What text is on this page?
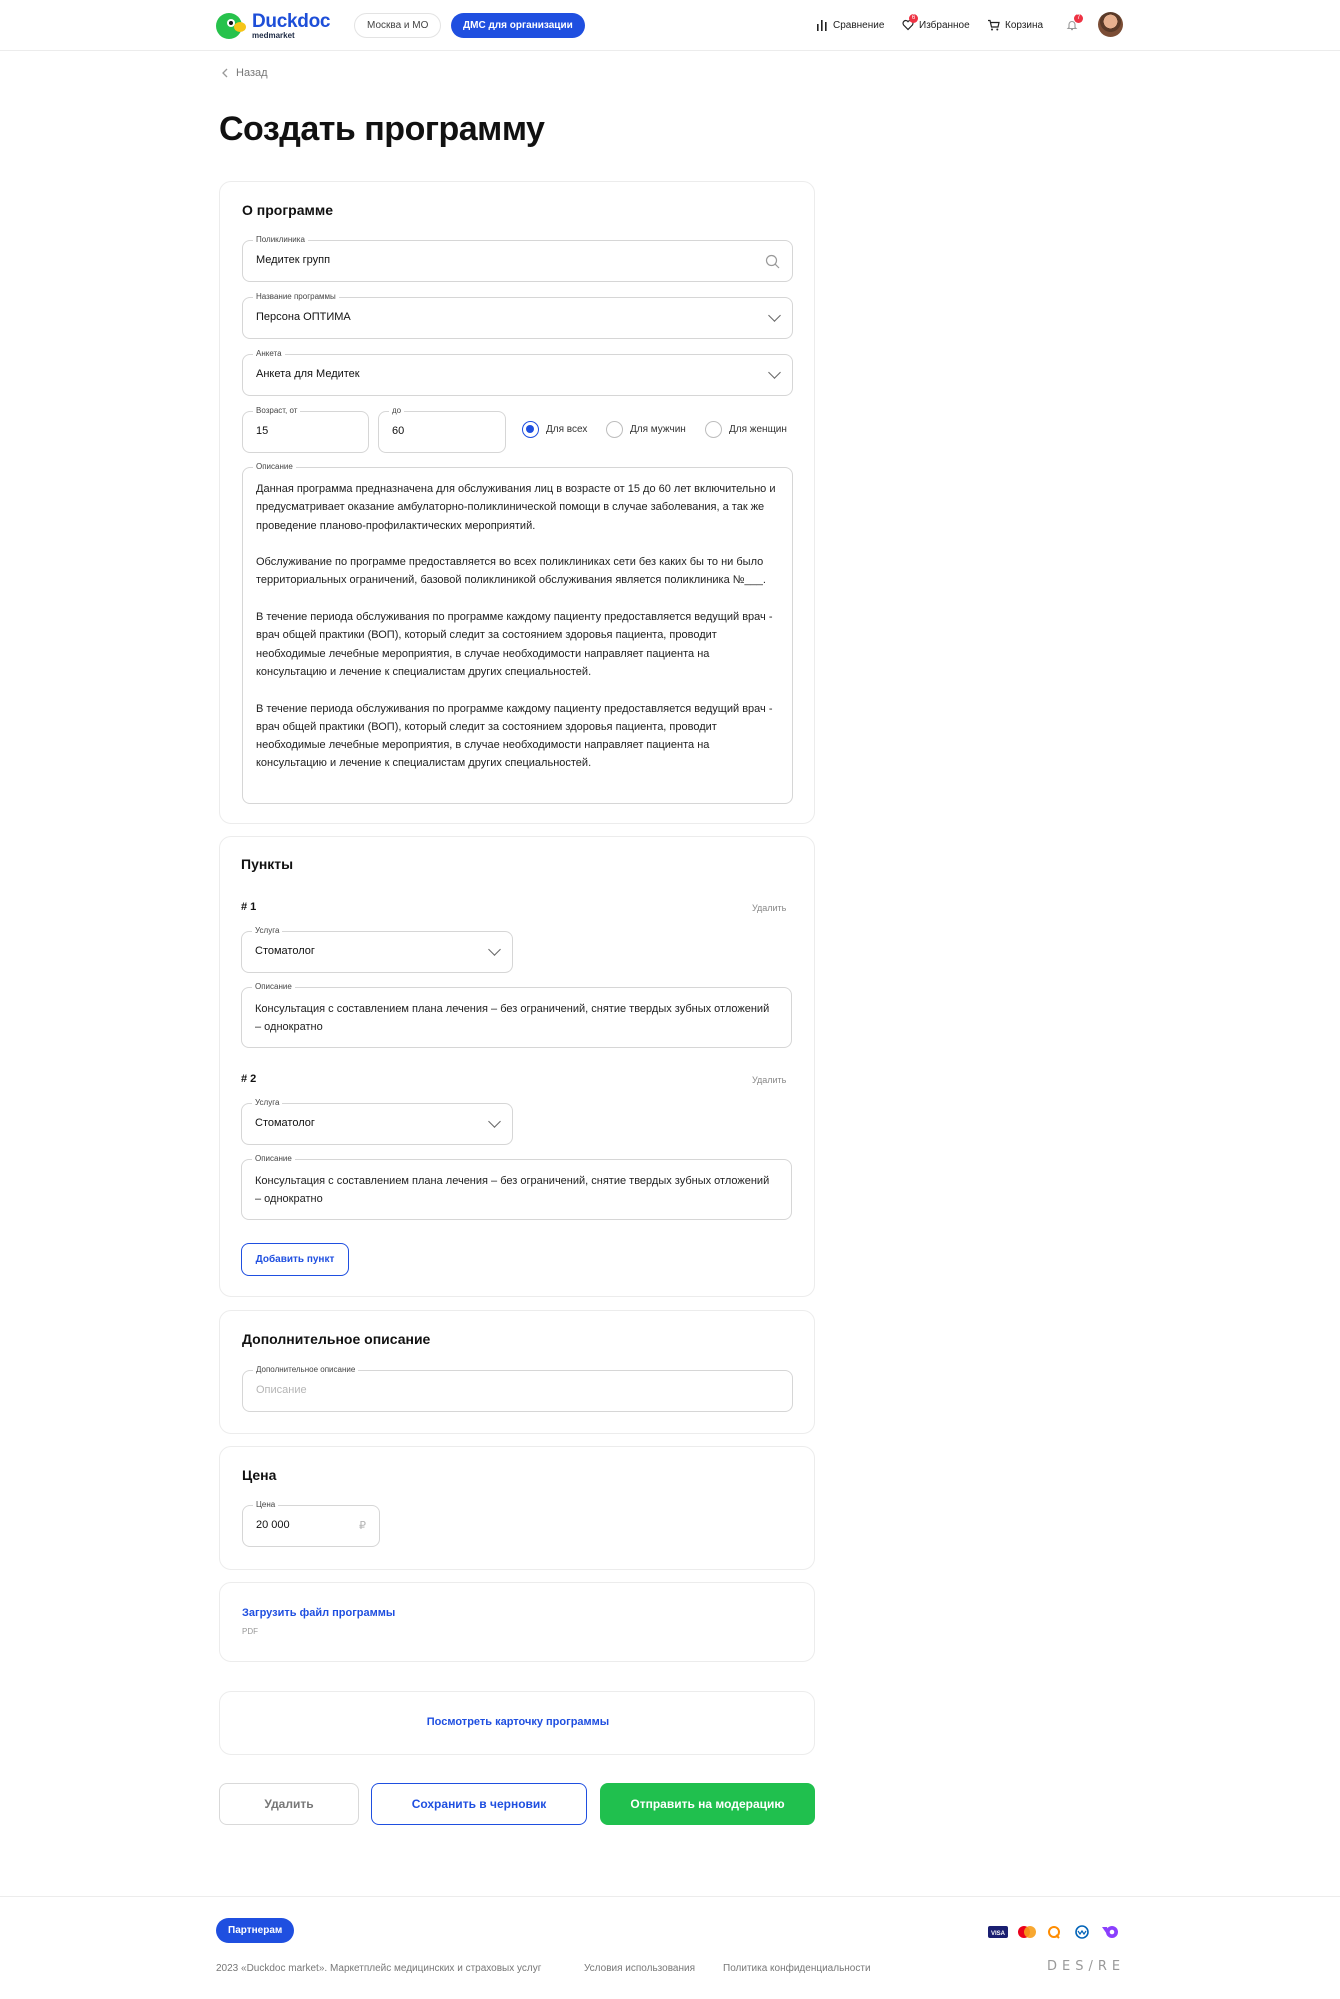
Duckdoc
medmarket
Москва и МО	ДМС для организации	Сравнение	Избранное
6
Корзина
7
Назад
Создать программу
О программе
Поликлиника
Медитек групп
Название программы
Персона ОПТИМА
Анкета
Анкета для Медитек
Возраст, от
15
до
60
Описание

Данная программа предназначена для обслуживания лиц в возрасте от 15 до 60 лет включительно и предусматривает оказание амбулаторно-поликлинической помощи в случае заболевания, а так же проведение планово-профилактических мероприятий.

Обслуживание по программе предоставляется во всех поликлиниках сети без каких бы то ни было территориальных ограничений, базовой поликлиникой обслуживания является поликлиника №___.

В течение периода обслуживания по программе каждому пациенту предоставляется ведущий врач - врач общей практики (ВОП), который следит за состоянием здоровья пациента, проводит необходимые лечебные мероприятия, в случае необходимости направляет пациента на консультацию и лечение к специалистам других специальностей.

В течение периода обслуживания по программе каждому пациенту предоставляется ведущий врач - врач общей практики (ВОП), который следит за состоянием здоровья пациента, проводит необходимые лечебные мероприятия, в случае необходимости направляет пациента на консультацию и лечение к специалистам других специальностей.

Для всех	Для мужчин	Для женщин
Пункты
# 1	Удалить
Услуга
Стоматолог
Описание
Консультация с составлением плана лечения – без ограничений, снятие твердых зубных отложений – однократно
# 2	Удалить
Услуга
Стоматолог
Описание
Консультация с составлением плана лечения – без ограничений, снятие твердых зубных отложений – однократно
Добавить пункт
Дополнительное описание
Дополнительное описание
Описание
Цена
Цена
20 000	₽
Загрузить файл программы
PDF
Посмотреть карточку программы
Удалить	Сохранить в черновик	Отправить на модерацию
Партнерам	VISA
2023 «Duckdoc market». Маркетплейс медицинских и страховых услуг	Условия использования	Политика конфиденциальности	DES/RE
